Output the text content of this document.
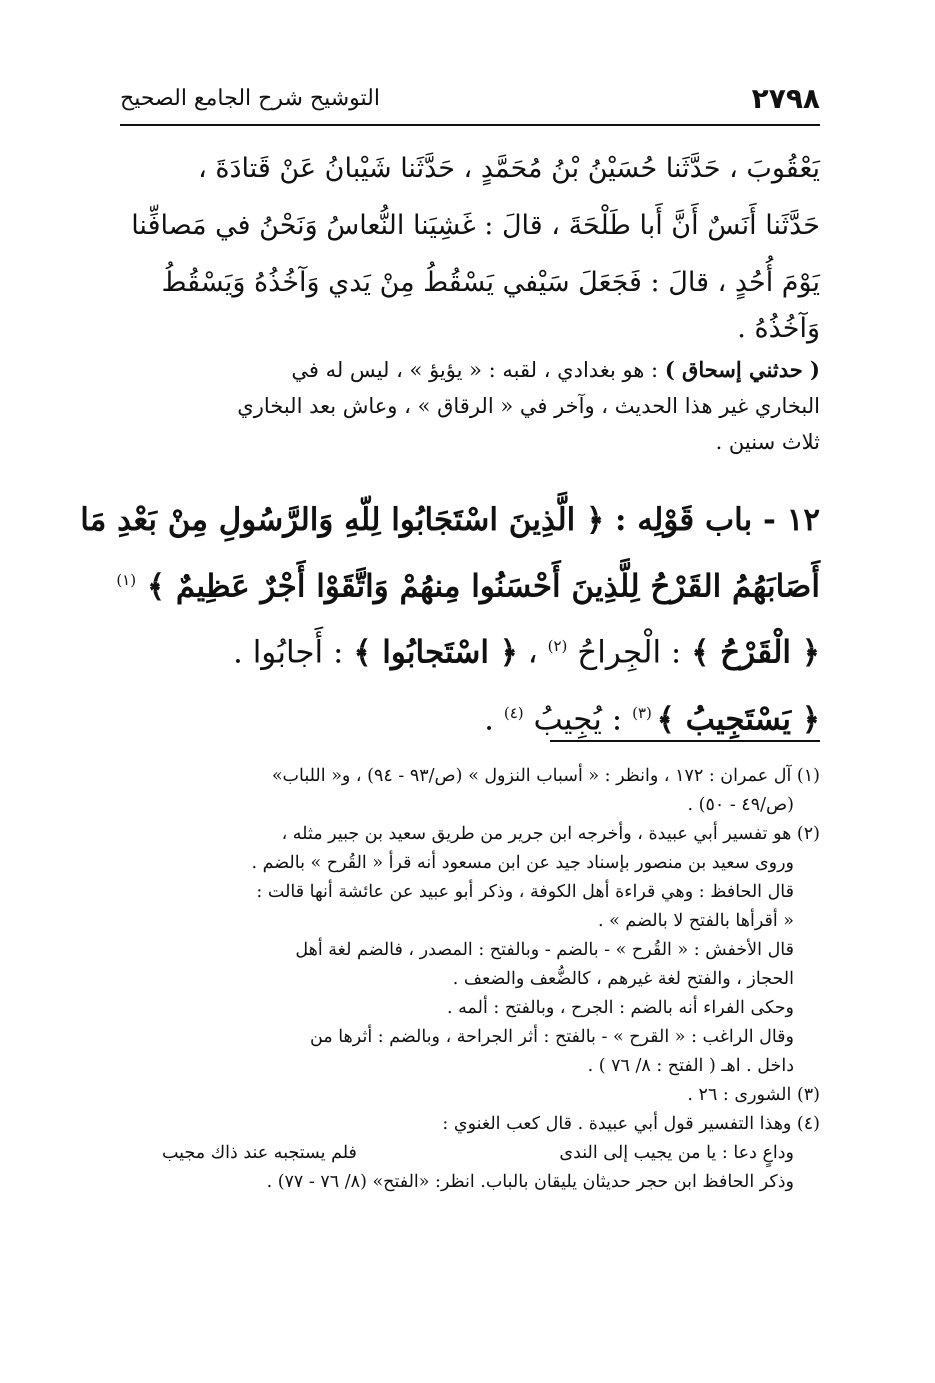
٢٧٩٨
التوشيح شرح الجامع الصحيح
يَعْقُوبَ ، حَدَّثَنا حُسَيْنُ بْنُ مُحَمَّدٍ ، حَدَّثَنا شَيْبانُ عَنْ قَتادَةَ ،
حَدَّثَنا أَنَسٌ أَنَّ أَبا طَلْحَةَ ، قالَ : غَشِيَنا النُّعاسُ وَنَحْنُ في مَصافِّنا
يَوْمَ أُحُدٍ ، قالَ : فَجَعَلَ سَيْفي يَسْقُطُ مِنْ يَدي وَآخُذُهُ وَيَسْقُطُ
وَآخُذُهُ .
( حدثني إسحاق ) : هو بغدادي ، لقبه : « يؤيؤ » ، ليس له في
البخاري غير هذا الحديث ، وآخر في « الرقاق » ، وعاش بعد البخاري
ثلاث سنين .
١٢ - باب قَوْلِه : ﴿ الَّذِينَ اسْتَجَابُوا لِلّهِ وَالرَّسُولِ مِنْ بَعْدِ مَا
أَصَابَهُمُ القَرْحُ لِلَّذِينَ أَحْسَنُوا مِنهُمْ وَاتَّقَوْا أَجْرٌ عَظِيمٌ ﴾ $^{(١)}$
﴿ الْقَرْحُ ﴾ : الْجِراحُ $^{(٢)}$ ، ﴿ اسْتَجابُوا ﴾ : أَجابُوا .
﴿ يَسْتَجِيبُ ﴾ $^{(٣)}$ : يُجِيبُ $^{(٤)}$ .
(١) آل عمران : ١٧٢ ، وانظر : « أسباب النزول » (ص/٩٣ - ٩٤) ، و« اللباب»
(ص/٤٩ - ٥٠) .
(٢) هو تفسير أبي عبيدة ، وأخرجه ابن جرير من طريق سعيد بن جبير مثله ،
وروى سعيد بن منصور بإسناد جيد عن ابن مسعود أنه قرأ « القُرح » بالضم .
قال الحافظ : وهي قراءة أهل الكوفة ، وذكر أبو عبيد عن عائشة أنها قالت :
« أقرأها بالفتح لا بالضم » .
قال الأخفش : « القُرح » - بالضم - وبالفتح : المصدر ، فالضم لغة أهل
الحجاز ، والفتح لغة غيرهم ، كالضُّعف والضعف .
وحكى الفراء أنه بالضم : الجرح ، وبالفتح : ألمه .
وقال الراغب : « القرح » - بالفتح : أثر الجراحة ، وبالضم : أثرها من
داخل . اهـ ( الفتح : ٨/ ٧٦ ) .
(٣) الشورى : ٢٦ .
(٤) وهذا التفسير قول أبي عبيدة . قال كعب الغنوي :
وداعٍ دعا : يا من يجيب إلى الندى
فلم يستجبه عند ذاك مجيب
وذكر الحافظ ابن حجر حديثان يليقان بالباب. انظر: «الفتح» (٨/ ٧٦ - ٧٧) .
